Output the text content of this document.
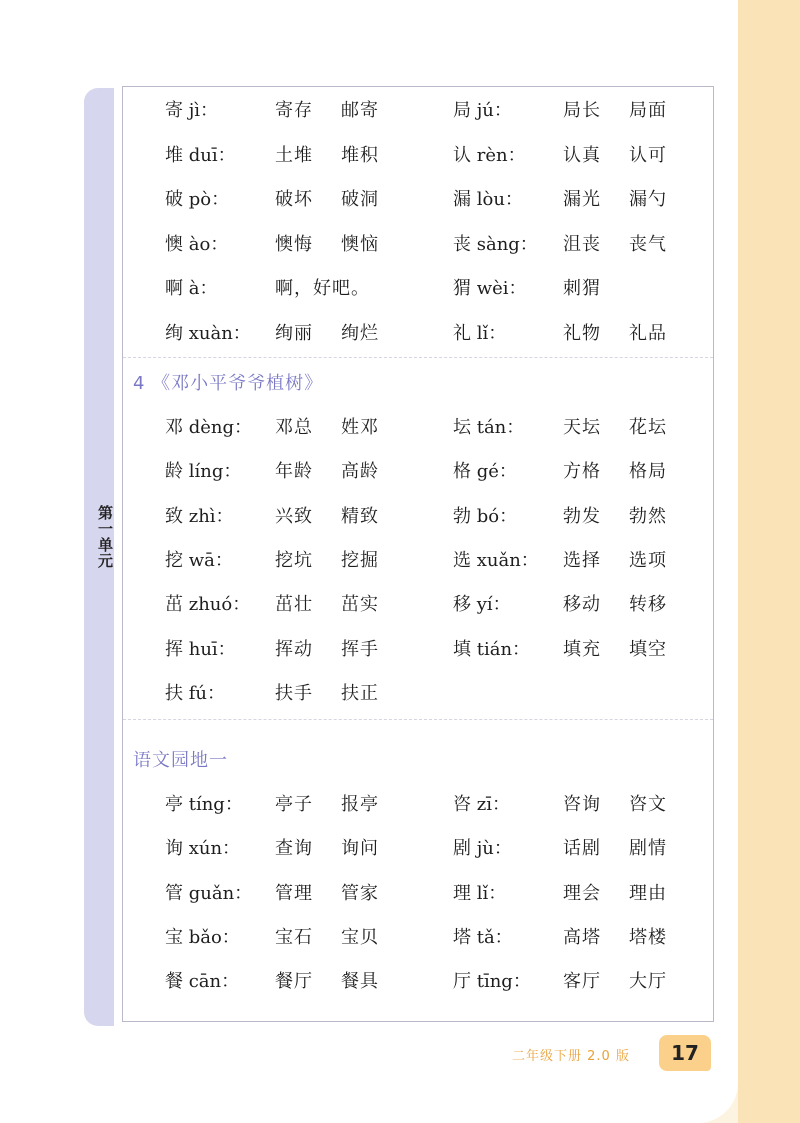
第一单元
寄 jì：	寄存 邮寄	局 jú：	局长 局面
堆 duī： 土堆 堆积	认 rèn： 认真 认可
破 pò：	破坏 破洞	漏 lòu： 漏光 漏勺
懊 ào：	懊悔 懊恼	丧 sàng： 沮丧 丧气
啊 à：	啊，好吧。	猬 wèi： 刺猬
绚 xuàn： 绚丽 绚烂	礼 lǐ：	礼物 礼品
4 《邓小平爷爷植树》
邓 dèng： 邓总 姓邓	坛 tán： 天坛 花坛
龄 líng： 年龄 高龄	格 gé：	方格 格局
致 zhì： 兴致 精致	勃 bó：	勃发 勃然
挖 wā： 挖坑 挖掘	选 xuǎn： 选择 选项
茁 zhuó： 茁壮 茁实	移 yí：	移动 转移
挥 huī： 挥动 挥手	填 tián： 填充 填空
扶 fú：	扶手 扶正
语文园地一
亭 tíng： 亭子 报亭	咨 zī：	咨询 咨文
询 xún： 查询 询问	剧 jù：	话剧 剧情
管 guǎn： 管理 管家	理 lǐ：	理会 理由
宝 bǎo： 宝石 宝贝	塔 tǎ：	高塔 塔楼
餐 cān： 餐厅 餐具	厅 tīng： 客厅 大厅
二年级下册 2.0 版	17
